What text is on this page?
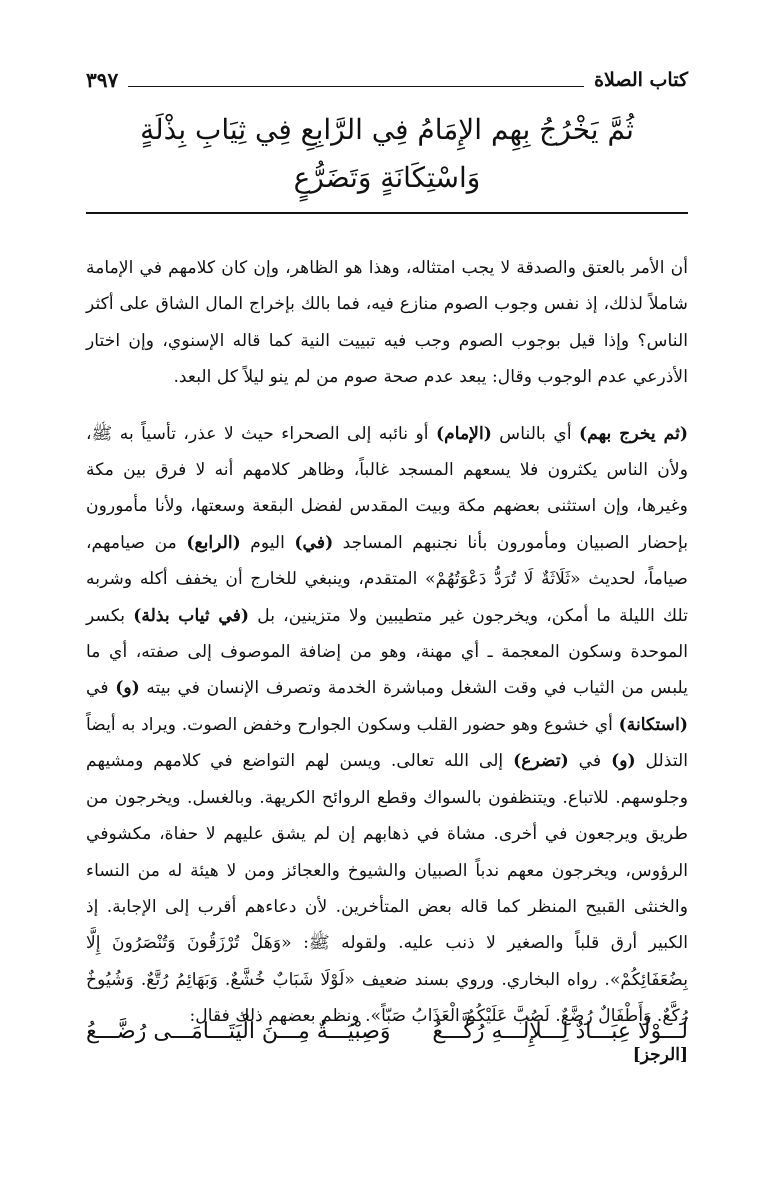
كتاب الصلاة
٣٩٧
ثُمَّ يَخْرُجُ بِهِم الإِمَامُ فِي الرَّابِعِ فِي ثِيَابِ بِذْلَةٍ وَاسْتِكَانَةٍ وَتَضَرُّعٍ

أن الأمر بالعتق والصدقة لا يجب امتثاله، وهذا هو الظاهر، وإن كان كلامهم في الإمامة شاملاً لذلك، إذ نفس وجوب الصوم منازع فيه، فما بالك بإخراج المال الشاق على أكثر الناس؟ وإذا قيل بوجوب الصوم وجب فيه تبييت النية كما قاله الإسنوي، وإن اختار الأذرعي عدم الوجوب وقال: يبعد عدم صحة صوم من لم ينو ليلاً كل البعد.

(ثم يخرج بهم) أي بالناس (الإمام) أو نائبه إلى الصحراء حيث لا عذر، تأسياً به ﷺ، ولأن الناس يكثرون فلا يسعهم المسجد غالباً، وظاهر كلامهم أنه لا فرق بين مكة وغيرها، وإن استثنى بعضهم مكة وبيت المقدس لفضل البقعة وسعتها، ولأنا مأمورون بإحضار الصبيان ومأمورون بأنا نجنبهم المساجد (في) اليوم (الرابع) من صيامهم، صياماً، لحديث «ثَلَاثَةٌ لَا تُرَدُّ دَعْوَتُهُمْ» المتقدم، وينبغي للخارج أن يخفف أكله وشربه تلك الليلة ما أمكن، ويخرجون غير متطيبين ولا متزينين، بل (في ثياب بذلة) بكسر الموحدة وسكون المعجمة ـ أي مهنة، وهو من إضافة الموصوف إلى صفته، أي ما يلبس من الثياب في وقت الشغل ومباشرة الخدمة وتصرف الإنسان في بيته (و) في (استكانة) أي خشوع وهو حضور القلب وسكون الجوارح وخفض الصوت. ويراد به أيضاً التذلل (و) في (تضرع) إلى الله تعالى. ويسن لهم التواضع في كلامهم ومشيهم وجلوسهم. للاتباع. ويتنظفون بالسواك وقطع الروائح الكريهة. وبالغسل. ويخرجون من طريق ويرجعون في أخرى. مشاة في ذهابهم إن لم يشق عليهم لا حفاة، مكشوفي الرؤوس، ويخرجون معهم ندباً الصبيان والشيوخ والعجائز ومن لا هيئة له من النساء والخنثى القبيح المنظر كما قاله بعض المتأخرين. لأن دعاءهم أقرب إلى الإجابة. إذ الكبير أرق قلباً والصغير لا ذنب عليه. ولقوله ﷺ: «وَهَلْ تُرْزَقُونَ وَتُنْصَرُونَ إِلَّا بِضُعَفَائِكُمْ». رواه البخاري. وروي بسند ضعيف «لَوْلَا شَبَابٌ خُشَّعٌ. وَبَهَائِمُ رُتَّعٌ. وَشُيُوخٌ رُكَّعٌ. وَأَطْفَالٌ رُضَّعٌ. لَصُبَّ عَلَيْكُمُ الْعَذَابُ صَبّاً». ونظم بعضهم ذلك فقال:

[الرجز]
لَـــوْلَا عِبَـــادٌ لِـــلإِلَـــهِ رُكَّـــعُ
وَصِبْيَـــةٌ مِـــنَ الْيَتَـــامَـــى رُضَّـــعُ
